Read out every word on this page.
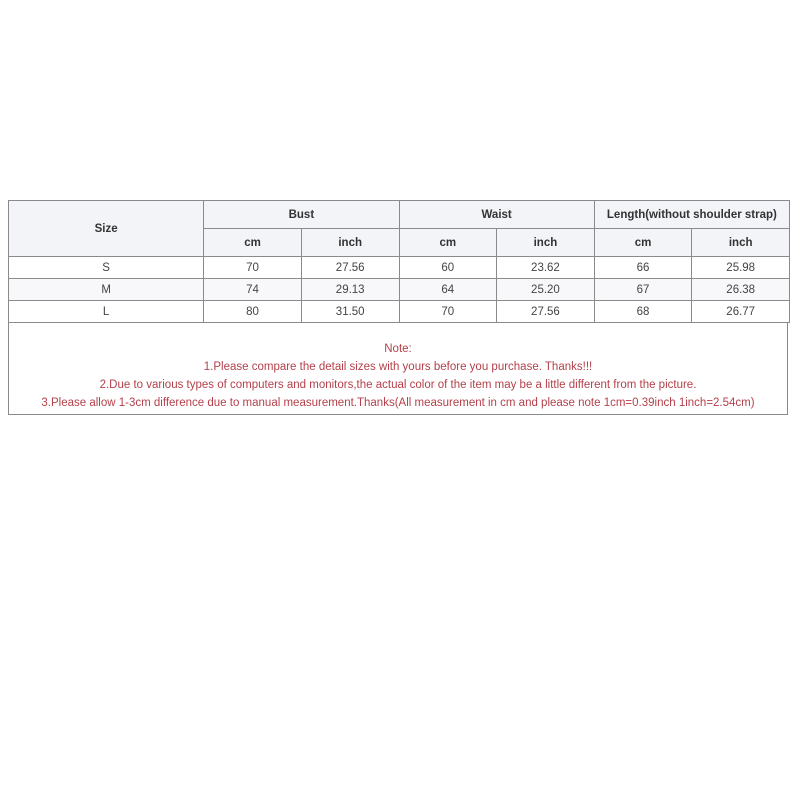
Size	Bust		Waist		Length(without shoulder strap)	
	cm	inch	cm	inch	cm	inch
S	70	27.56	60	23.62	66	25.98
M	74	29.13	64	25.20	67	26.38
L	80	31.50	70	27.56	68	26.77
Note:
1.Please compare the detail sizes with yours before you purchase. Thanks!!!
2.Due to various types of computers and monitors,the actual color of the item may be a little different from the picture.
3.Please allow 1-3cm difference due to manual measurement.Thanks(All measurement in cm and please note 1cm=0.39inch 1inch=2.54cm)
